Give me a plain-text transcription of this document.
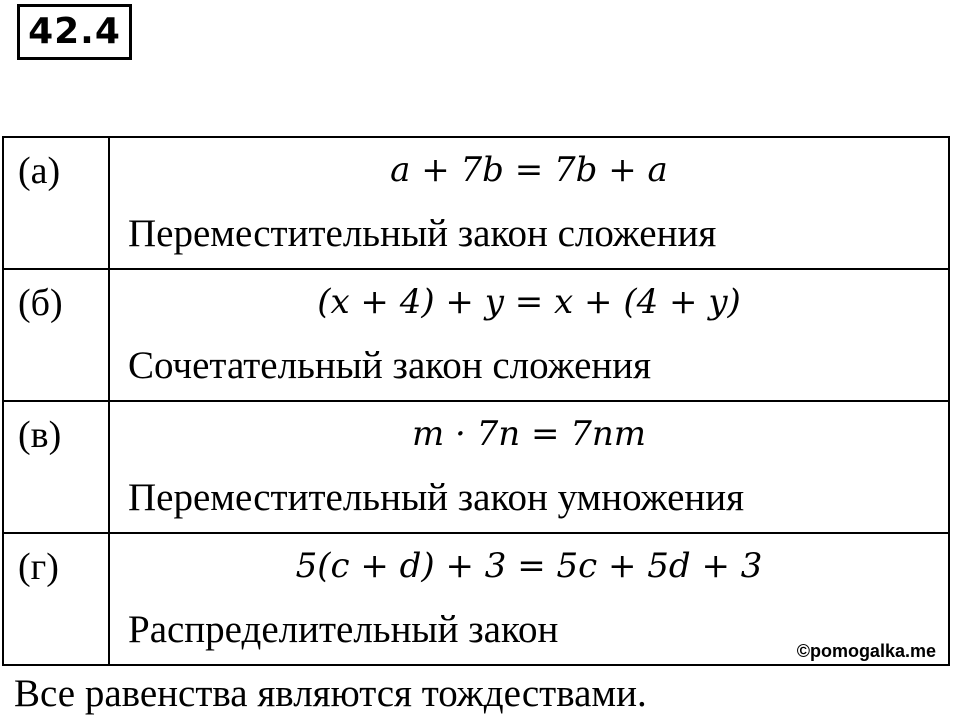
42.4
(а)	a + 7b = 7b + a
Переместительный закон сложения

(б)	(x + 4) + y = x + (4 + y)
Сочетательный закон сложения

(в)	m · 7n = 7nm
Переместительный закон умножения

(г)	5(c + d) + 3 = 5c + 5d + 3
Распределительный закон ©pomogalka.me
Все равенства являются тождествами.
